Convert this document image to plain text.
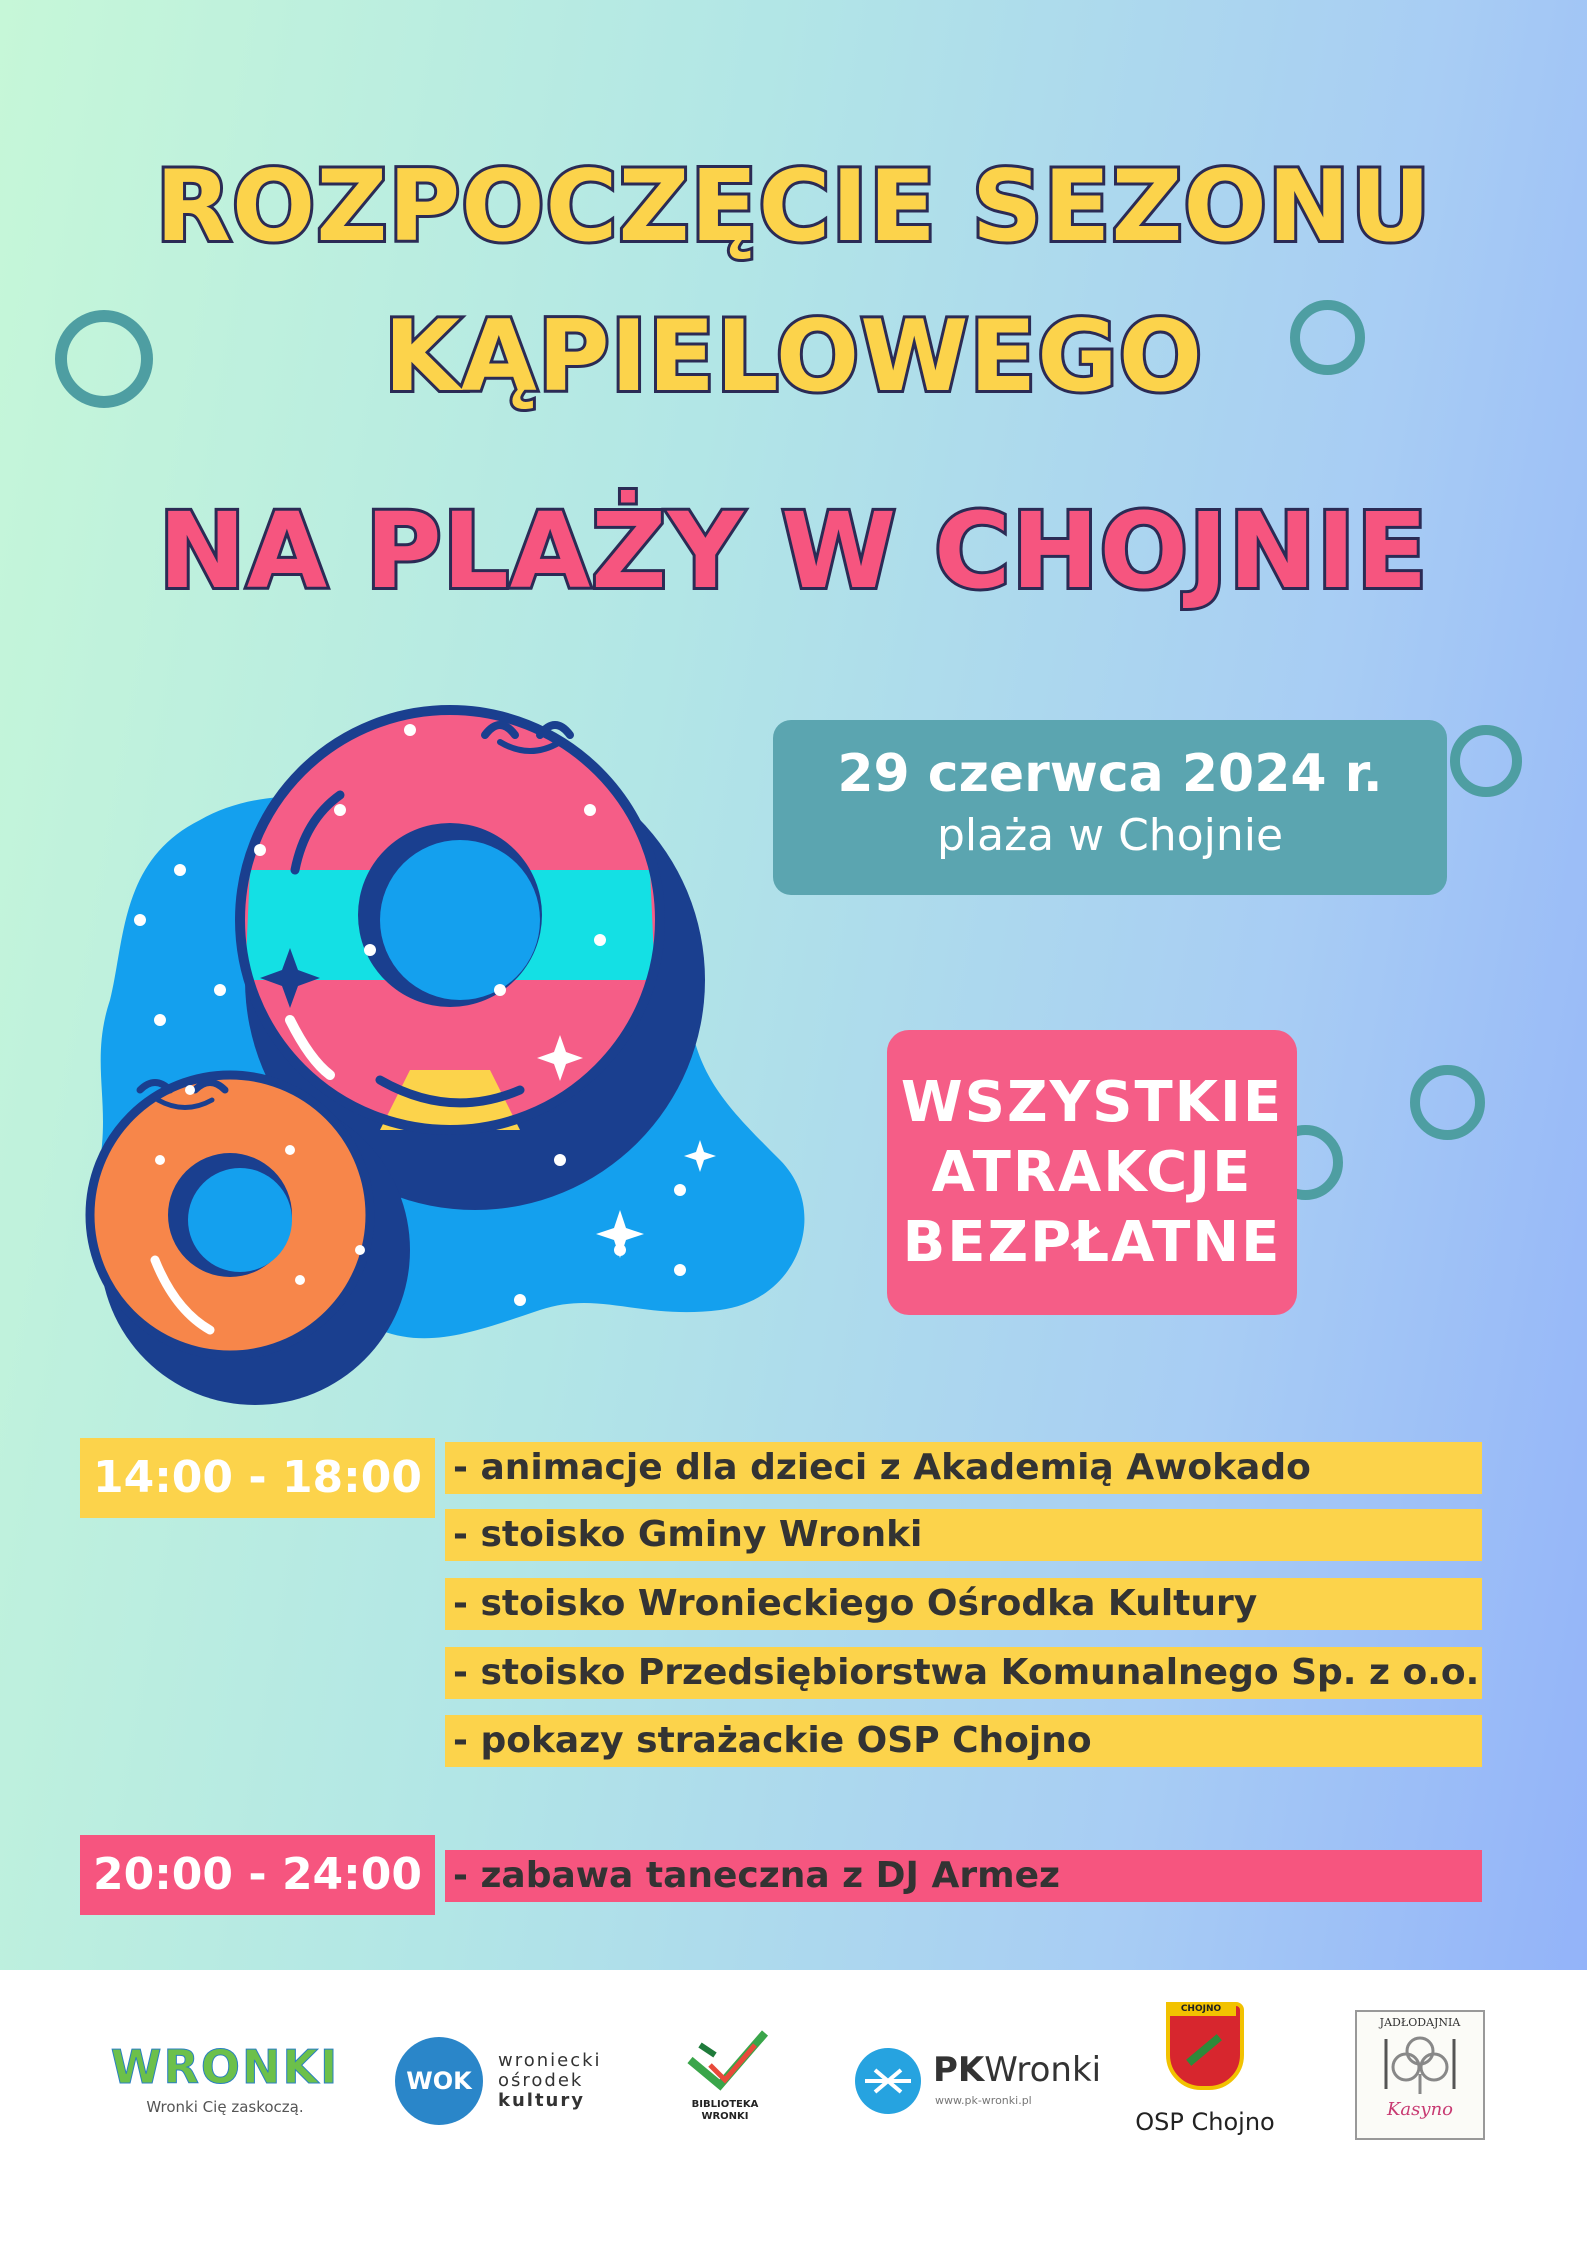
ROZPOCZĘCIE SEZONU
KĄPIELOWEGO
NA PLAŻY W CHOJNIE
29 czerwca 2024 r.
plaża w Chojnie
WSZYSTKIE
ATRAKCJE
BEZPŁATNE
14:00 - 18:00 - animacje dla dzieci z Akademią Awokado
- stoisko Gminy Wronki
- stoisko Wronieckiego Ośrodka Kultury
- stoisko Przedsiębiorstwa Komunalnego Sp. z o.o.
- pokazy strażackie OSP Chojno
20:00 - 24:00 - zabawa taneczna z DJ Armez
WRONKI
Wronki Cię zaskoczą.
WOK
wroniecki
ośrodek
kultury	BIBLIOTEKA
WRONKI
PKWronki
www.pk-wronki.pl
CHOJNO
OSP Chojno
JADŁODAJNIA
Kasyno
